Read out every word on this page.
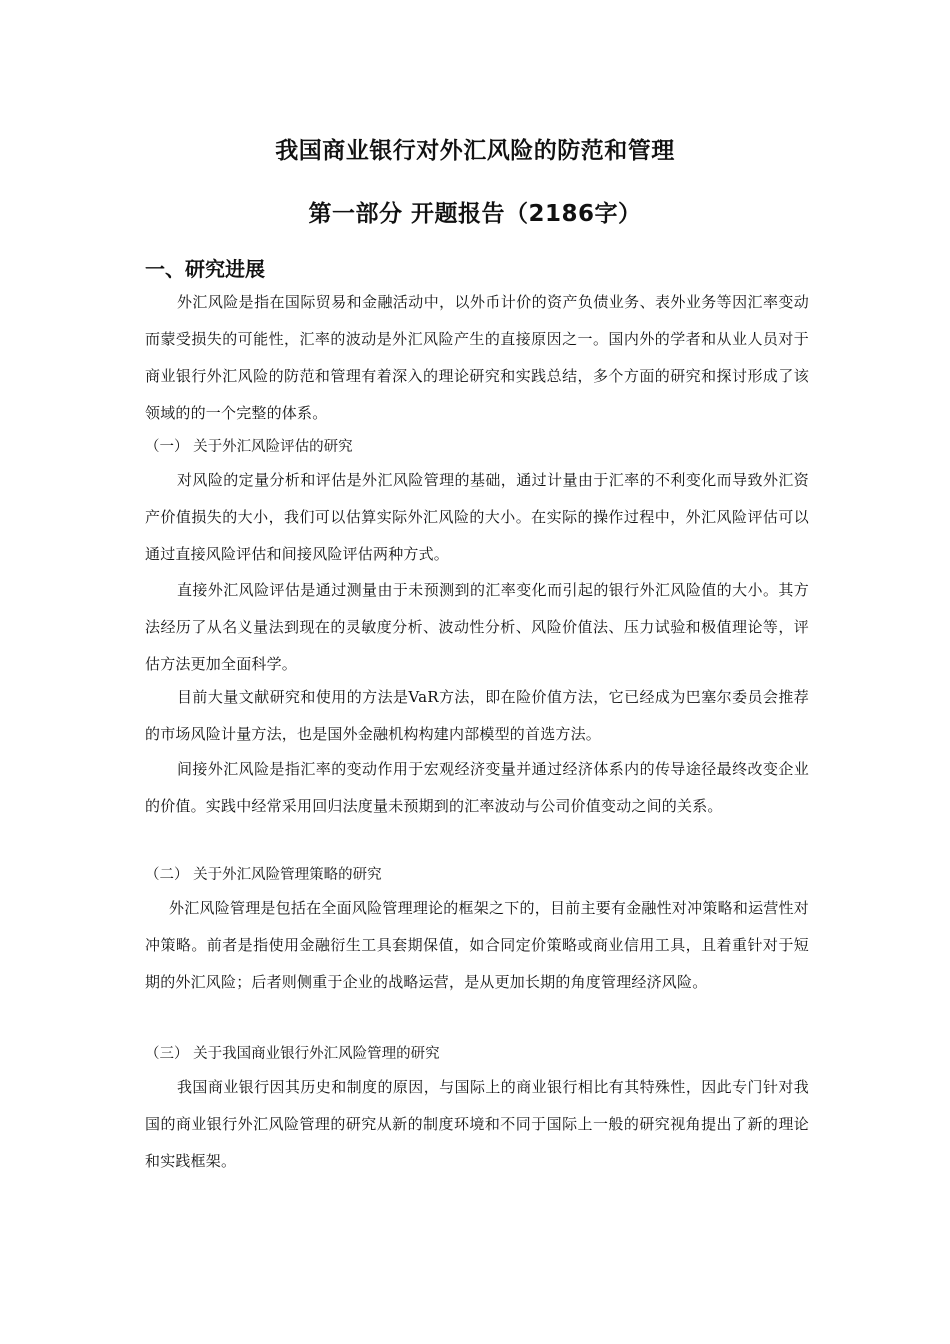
我国商业银行对外汇风险的防范和管理
第一部分 开题报告（2186字）
一、研究进展

外汇风险是指在国际贸易和金融活动中，以外币计价的资产负债业务、表外业务等因汇率变动而蒙受损失的可能性，汇率的波动是外汇风险产生的直接原因之一。国内外的学者和从业人员对于商业银行外汇风险的防范和管理有着深入的理论研究和实践总结，多个方面的研究和探讨形成了该领域的的一个完整的体系。

（一） 关于外汇风险评估的研究

对风险的定量分析和评估是外汇风险管理的基础，通过计量由于汇率的不利变化而导致外汇资产价值损失的大小，我们可以估算实际外汇风险的大小。在实际的操作过程中，外汇风险评估可以通过直接风险评估和间接风险评估两种方式。

直接外汇风险评估是通过测量由于未预测到的汇率变化而引起的银行外汇风险值的大小。其方法经历了从名义量法到现在的灵敏度分析、波动性分析、风险价值法、压力试验和极值理论等，评估方法更加全面科学。

目前大量文献研究和使用的方法是VaR方法，即在险价值方法，它已经成为巴塞尔委员会推荐的市场风险计量方法，也是国外金融机构构建内部模型的首选方法。

间接外汇风险是指汇率的变动作用于宏观经济变量并通过经济体系内的传导途径最终改变企业的价值。实践中经常采用回归法度量未预期到的汇率波动与公司价值变动之间的关系。

（二） 关于外汇风险管理策略的研究

外汇风险管理是包括在全面风险管理理论的框架之下的，目前主要有金融性对冲策略和运营性对冲策略。前者是指使用金融衍生工具套期保值，如合同定价策略或商业信用工具，且着重针对于短期的外汇风险；后者则侧重于企业的战略运营，是从更加长期的角度管理经济风险。

（三） 关于我国商业银行外汇风险管理的研究

我国商业银行因其历史和制度的原因，与国际上的商业银行相比有其特殊性，因此专门针对我国的商业银行外汇风险管理的研究从新的制度环境和不同于国际上一般的研究视角提出了新的理论和实践框架。
